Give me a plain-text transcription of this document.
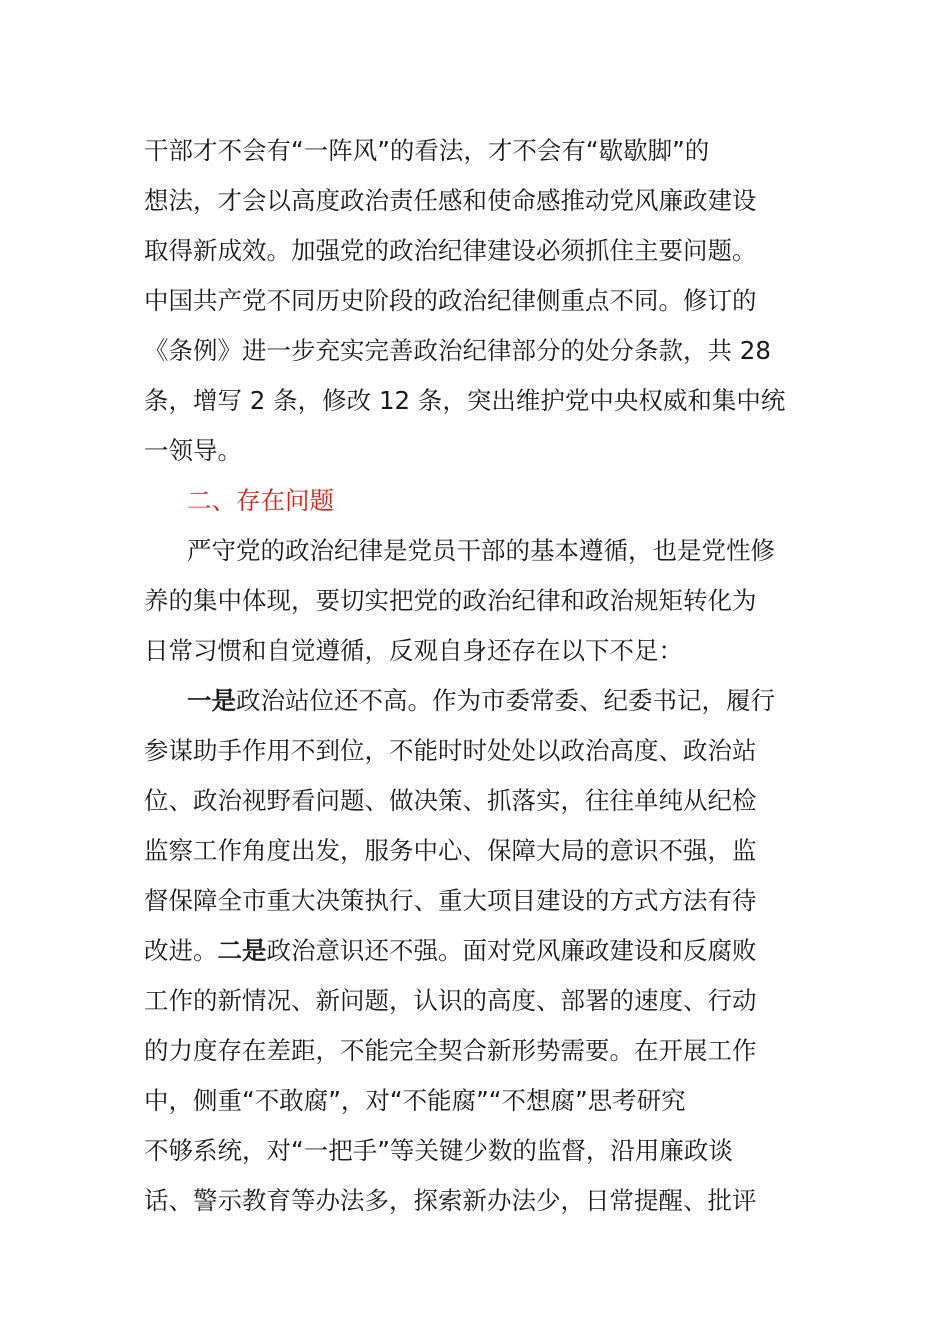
干部才不会有“一阵风”的看法，才不会有“歇歇脚”的
想法，才会以高度政治责任感和使命感推动党风廉政建设
取得新成效。加强党的政治纪律建设必须抓住主要问题。
中国共产党不同历史阶段的政治纪律侧重点不同。修订的
《条例》进一步充实完善政治纪律部分的处分条款，共 28
条，增写 2 条，修改 12 条，突出维护党中央权威和集中统
一领导。
二、存在问题
严守党的政治纪律是党员干部的基本遵循，也是党性修
养的集中体现，要切实把党的政治纪律和政治规矩转化为
日常习惯和自觉遵循，反观自身还存在以下不足：
一是政治站位还不高。作为市委常委、纪委书记，履行
参谋助手作用不到位，不能时时处处以政治高度、政治站
位、政治视野看问题、做决策、抓落实，往往单纯从纪检
监察工作角度出发，服务中心、保障大局的意识不强，监
督保障全市重大决策执行、重大项目建设的方式方法有待
改进。二是政治意识还不强。面对党风廉政建设和反腐败
工作的新情况、新问题，认识的高度、部署的速度、行动
的力度存在差距，不能完全契合新形势需要。在开展工作
中，侧重“不敢腐”，对“不能腐”“不想腐”思考研究
不够系统，对“一把手”等关键少数的监督，沿用廉政谈
话、警示教育等办法多，探索新办法少，日常提醒、批评
